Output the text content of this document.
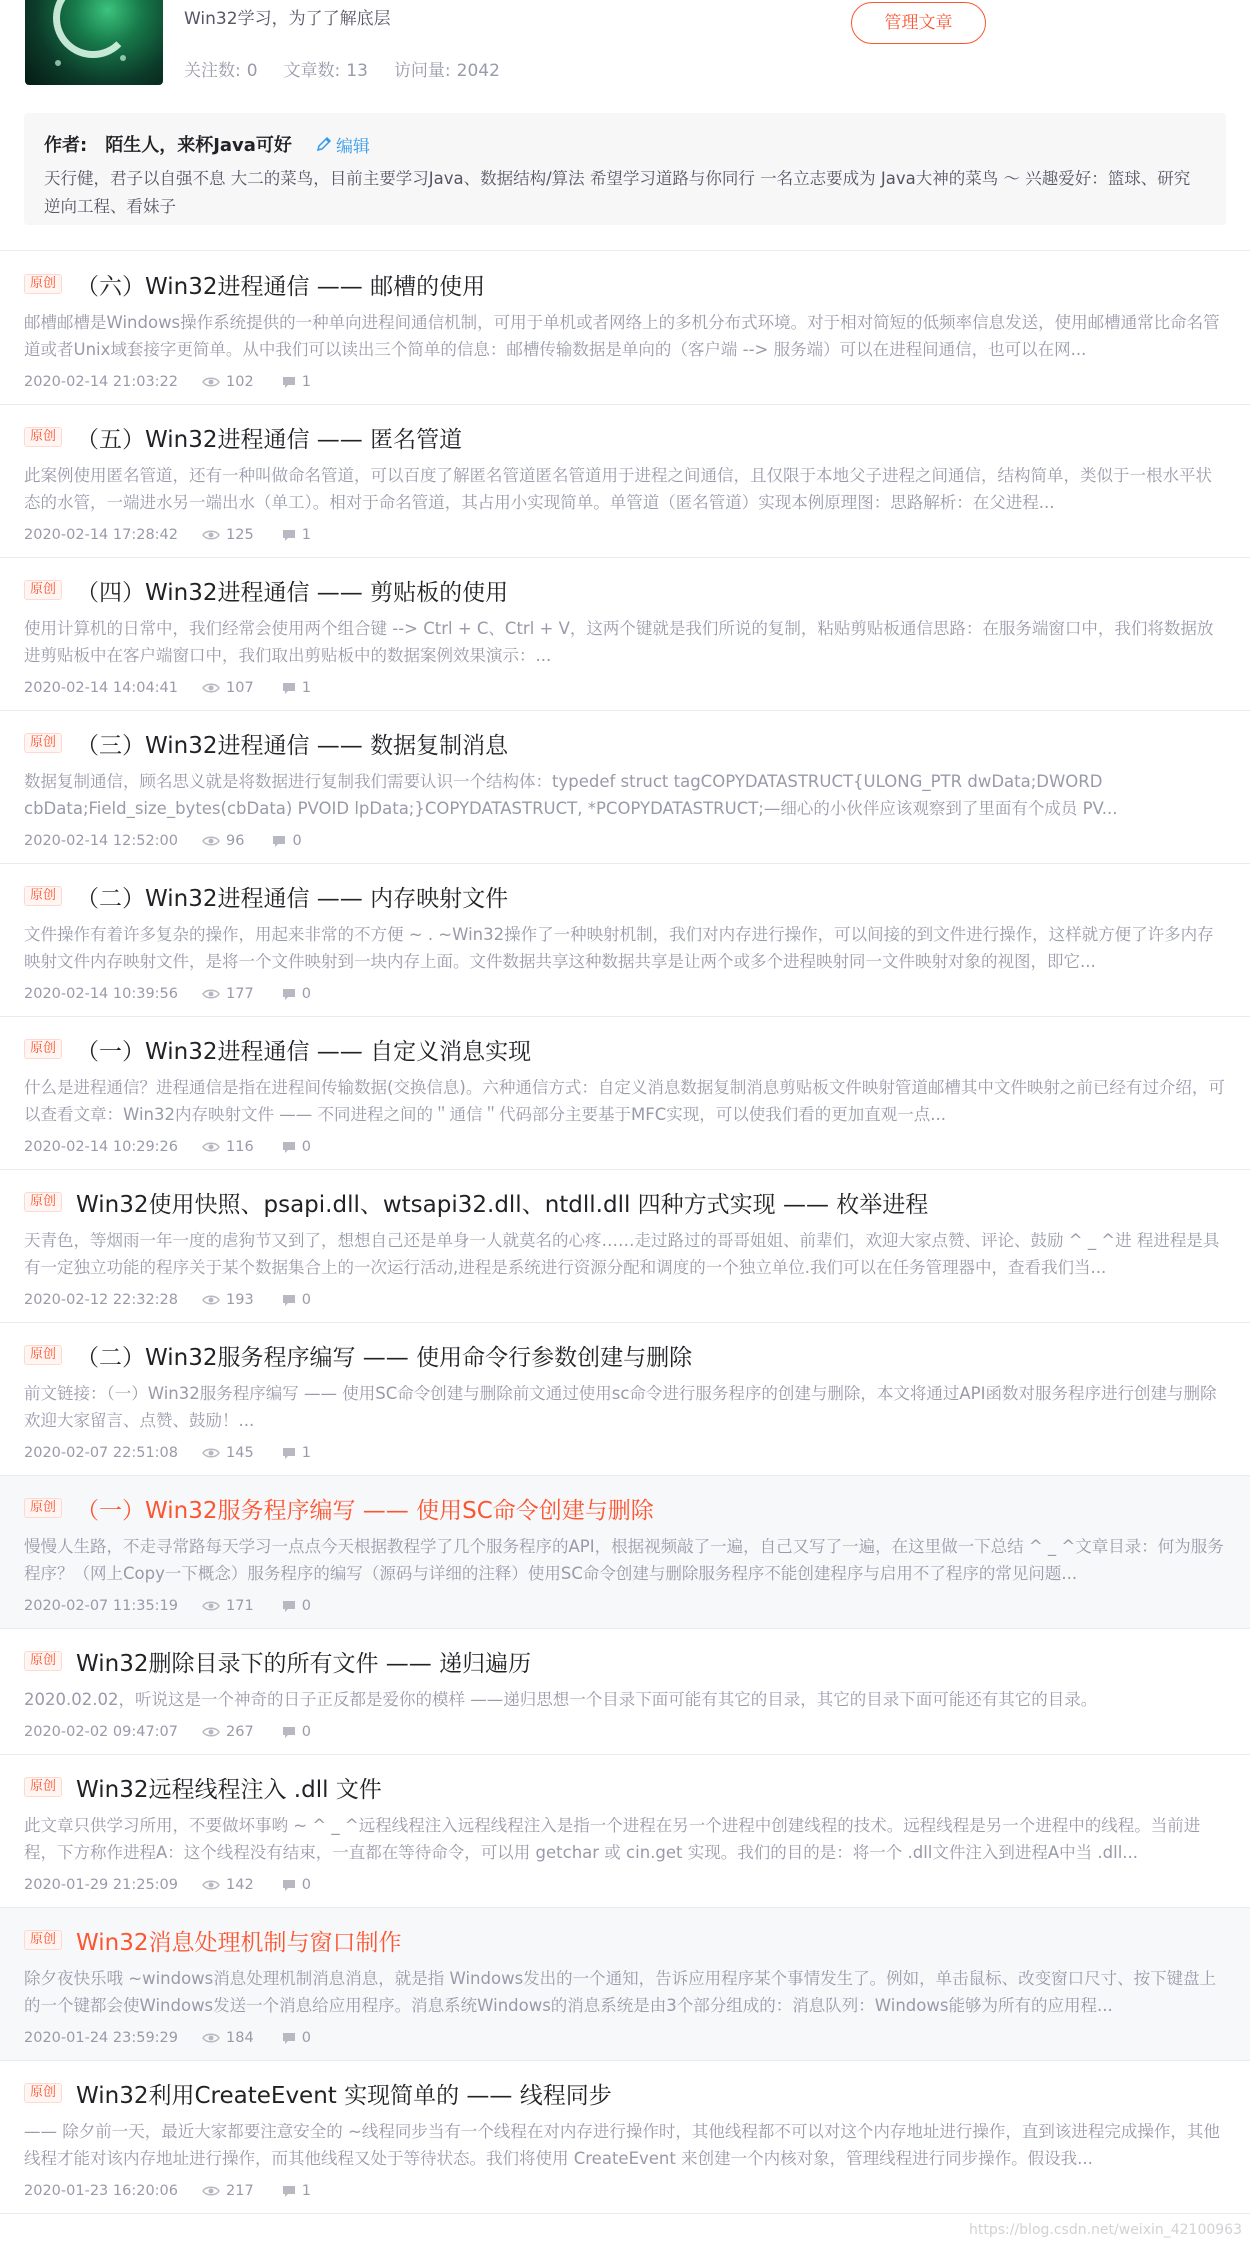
Win32学习，为了了解底层
关注数: 0 文章数: 13 访问量: 2042
管理文章
作者: 陌生人，来杯Java可好	编辑
天行健，君子以自强不息 大二的菜鸟，目前主要学习Java、数据结构/算法 希望学习道路与你同行 一名立志要成为 Java大神的菜鸟 ～ 兴趣爱好：篮球、研究逆向工程、看妹子
原创 （六）Win32进程通信 —— 邮槽的使用
邮槽邮槽是Windows操作系统提供的一种单向进程间通信机制，可用于单机或者网络上的多机分布式环境。对于相对简短的低频率信息发送，使用邮槽通常比命名管道或者Unix域套接字更简单。从中我们可以读出三个简单的信息：邮槽传输数据是单向的（客户端 --> 服务端）可以在进程间通信，也可以在网...
2020-02-14 21:03:22	102	1
原创 （五）Win32进程通信 —— 匿名管道
此案例使用匿名管道，还有一种叫做命名管道，可以百度了解匿名管道匿名管道用于进程之间通信，且仅限于本地父子进程之间通信，结构简单，类似于一根水平状态的水管，一端进水另一端出水（单工）。相对于命名管道，其占用小实现简单。单管道（匿名管道）实现本例原理图：思路解析：在父进程...
2020-02-14 17:28:42	125	1
原创 （四）Win32进程通信 —— 剪贴板的使用
使用计算机的日常中，我们经常会使用两个组合键 --> Ctrl + C、Ctrl + V，这两个键就是我们所说的复制，粘贴剪贴板通信思路：在服务端窗口中，我们将数据放进剪贴板中在客户端窗口中，我们取出剪贴板中的数据案例效果演示：...
2020-02-14 14:04:41	107	1
原创 （三）Win32进程通信 —— 数据复制消息
数据复制通信，顾名思义就是将数据进行复制我们需要认识一个结构体：typedef struct tagCOPYDATASTRUCT{ULONG_PTR dwData;DWORD cbData;Field_size_bytes(cbData) PVOID lpData;}COPYDATASTRUCT, *PCOPYDATASTRUCT;—细心的小伙伴应该观察到了里面有个成员 PV...
2020-02-14 12:52:00	96	0
原创 （二）Win32进程通信 —— 内存映射文件
文件操作有着许多复杂的操作，用起来非常的不方便 ~ . ~Win32操作了一种映射机制，我们对内存进行操作，可以间接的到文件进行操作，这样就方便了许多内存映射文件内存映射文件，是将一个文件映射到一块内存上面。文件数据共享这种数据共享是让两个或多个进程映射同一文件映射对象的视图，即它...
2020-02-14 10:39:56	177	0
原创 （一）Win32进程通信 —— 自定义消息实现
什么是进程通信？进程通信是指在进程间传输数据(交换信息)。六种通信方式：自定义消息数据复制消息剪贴板文件映射管道邮槽其中文件映射之前已经有过介绍，可以查看文章：Win32内存映射文件 —— 不同进程之间的＂通信＂代码部分主要基于MFC实现，可以使我们看的更加直观一点...
2020-02-14 10:29:26	116	0
原创 Win32使用快照、psapi.dll、wtsapi32.dll、ntdll.dll 四种方式实现 —— 枚举进程
天青色，等烟雨一年一度的虐狗节又到了，想想自己还是单身一人就莫名的心疼……走过路过的哥哥姐姐、前辈们，欢迎大家点赞、评论、鼓励 ^ _ ^进 程进程是具有一定独立功能的程序关于某个数据集合上的一次运行活动,进程是系统进行资源分配和调度的一个独立单位.我们可以在任务管理器中，查看我们当...
2020-02-12 22:32:28	193	0
原创 （二）Win32服务程序编写 —— 使用命令行参数创建与删除
前文链接：（一）Win32服务程序编写 —— 使用SC命令创建与删除前文通过使用sc命令进行服务程序的创建与删除，本文将通过API函数对服务程序进行创建与删除欢迎大家留言、点赞、鼓励！...
2020-02-07 22:51:08	145	1
原创 （一）Win32服务程序编写 —— 使用SC命令创建与删除
慢慢人生路，不走寻常路每天学习一点点今天根据教程学了几个服务程序的API，根据视频敲了一遍，自己又写了一遍，在这里做一下总结 ^ _ ^文章目录：何为服务程序？（网上Copy一下概念）服务程序的编写（源码与详细的注释）使用SC命令创建与删除服务程序不能创建程序与启用不了程序的常见问题...
2020-02-07 11:35:19	171	0
原创 Win32删除目录下的所有文件 —— 递归遍历
2020.02.02，听说这是一个神奇的日子正反都是爱你的模样 ——递归思想一个目录下面可能有其它的目录，其它的目录下面可能还有其它的目录。
2020-02-02 09:47:07	267	0
原创 Win32远程线程注入 .dll 文件
此文章只供学习所用，不要做坏事哟 ~ ^ _ ^远程线程注入远程线程注入是指一个进程在另一个进程中创建线程的技术。远程线程是另一个进程中的线程。当前进程，下方称作进程A：这个线程没有结束，一直都在等待命令，可以用 getchar 或 cin.get 实现。我们的目的是：将一个 .dll文件注入到进程A中当 .dll...
2020-01-29 21:25:09	142	0
原创 Win32消息处理机制与窗口制作
除夕夜快乐哦 ~windows消息处理机制消息消息，就是指 Windows发出的一个通知，告诉应用程序某个事情发生了。例如，单击鼠标、改变窗口尺寸、按下键盘上的一个键都会使Windows发送一个消息给应用程序。消息系统Windows的消息系统是由3个部分组成的：消息队列：Windows能够为所有的应用程...
2020-01-24 23:59:29	184	0
原创 Win32利用CreateEvent 实现简单的 —— 线程同步
—— 除夕前一天，最近大家都要注意安全的 ~线程同步当有一个线程在对内存进行操作时，其他线程都不可以对这个内存地址进行操作，直到该进程完成操作，其他线程才能对该内存地址进行操作，而其他线程又处于等待状态。我们将使用 CreateEvent 来创建一个内核对象，管理线程进行同步操作。假设我...
2020-01-23 16:20:06	217	1
https://blog.csdn.net/weixin_42100963
